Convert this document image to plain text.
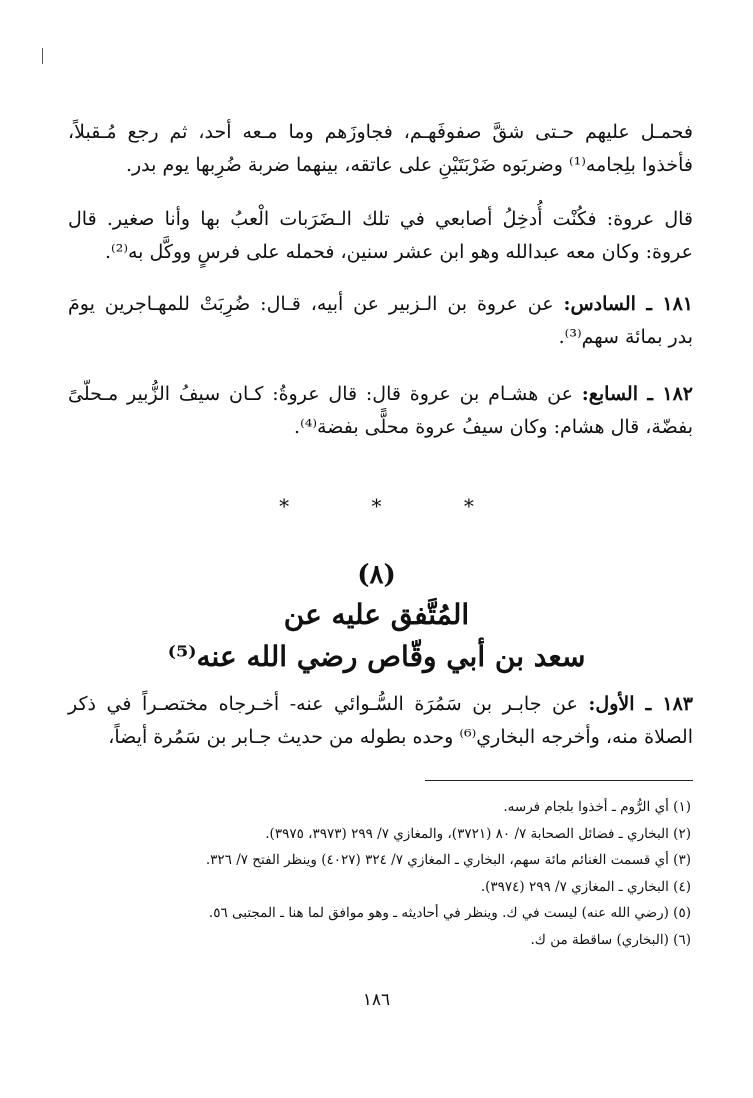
فحمـل عليهم حـتى شقَّ صفوفَهـم، فجاوزَهم وما مـعه أحد، ثم رجع مُـقبلاً،
فأخذوا بلِجامه⁽¹⁾ وضربَوه ضَرْبَتَيْنِ على عاتقه، بينهما ضربة ضُرِبها يوم بدر.
قال عروة: فكُنْت أُدخِلُ أصابعي في تلك الـضَرَبات الْعبُ بها وأنا صغير. قال
عروة: وكان معه عبدالله وهو ابن عشر سنين، فحمله على فرسٍ ووكَّل به⁽²⁾.
١٨١ ـ السادس: عن عروة بن الـزبير عن أبيه، قـال: ضُرِبَتْ للمهـاجرين يومَ
بدر بمائة سهم⁽³⁾.
١٨٢ ـ السابع: عن هشـام بن عروة قال: قال عروةُ: كـان سيفُ الزُّبير مـحلّىً
بفضّة، قال هشام: وكان سيفُ عروة محلًّى بفضة⁽⁴⁾.
* * *
(٨)
المُتَّفق عليه عن
سعد بن أبي وقّاص رضي الله عنه⁽⁵⁾
١٨٣ ـ الأول: عن جابـر بن سَمُرَة السُّـوائي عنه- أخـرجاه مختصـراً في ذكر
الصلاة منه، وأخرجه البخاري⁽⁶⁾ وحده بطوله من حديث جـابر بن سَمُرة أيضاً،
(١) أي الرُّوم ـ أخذوا بلجام فرسه.
(٢) البخاري ـ فضائل الصحابة ٧/ ٨٠ (٣٧٢١)، والمغازي ٧/ ٢٩٩ (٣٩٧٣، ٣٩٧٥).
(٣) أي قسمت الغنائم مائة سهم، البخاري ـ المغازي ٧/ ٣٢٤ (٤٠٢٧) وينظر الفتح ٧/ ٣٢٦.
(٤) البخاري ـ المغازي ٧/ ٢٩٩ (٣٩٧٤).
(٥) (رضي الله عنه) ليست في ك. وينظر في أحاديثه ـ وهو موافق لما هنا ـ المجتبى ٥٦.
(٦) (البخاري) ساقطة من ك.
١٨٦
